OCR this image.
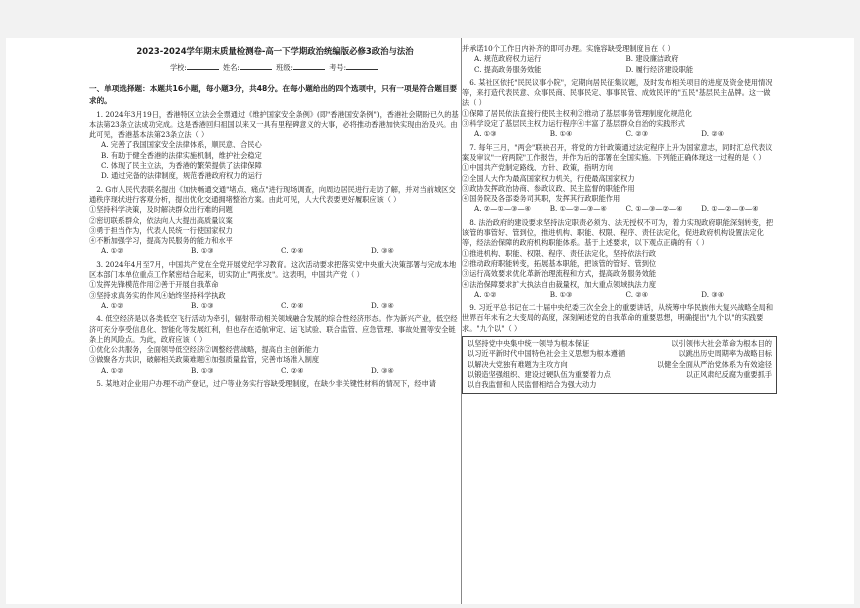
2023-2024学年期末质量检测卷-高一下学期政治统编版必修3政治与法治
学校:	姓名:	班级:	考号:
一、单项选择题：本题共16小题，每小题3分，共48分。在每小题给出的四个选项中，只有一项是符合题目要求的。

1. 2024年3月19日，香港特区立法会全票通过《维护国家安全条例》(即"香港国安条例")，香港社会期盼已久的基本法第23条立法成功完成。这是香港回归祖国以来又一具有里程碑意义的大事，必将推动香港加快实现由治及兴。由此可见，香港基本法第23条立法（ ）

A. 完善了我国国家安全法律体系，顺民意、合民心

B. 有助于健全香港的法律实施机制，维护社会稳定

C. 体现了民主立法，为香港的繁荣提供了法律保障

D. 通过完备的法律制度，规范香港政府权力的运行

2. G市人民代表联名提出《加快畅通交通"堵点、痛点"进行现场调查，向周边居民进行走访了解，并对当前城区交通秩序现状进行客观分析，提出优化交通拥堵整治方案。由此可见，人大代表要更好履职应该（ ）

①坚持科学决策，及时解决群众出行难的问题

②密切联系群众，依法向人大提出高质量议案

③勇于担当作为，代表人民统一行使国家权力

④不断加强学习，提高为民服务的能力和水平

A. ①②	B. ①③	C. ②④	D. ③④

3. 2024年4月至7月，中国共产党在全党开展党纪学习教育。这次活动要求把落实党中央重大决策部署与完成本地区本部门本单位重点工作紧密结合起来，切实防止"两张皮"。这表明，中国共产党（ ）

①发挥先锋模范作用②善于开展自我革命

③坚持求真务实的作风④始终坚持科学执政

A. ①②	B. ①③	C. ②④	D. ③④

4. 低空经济是以各类低空飞行活动为牵引，辐射带动相关领域融合发展的综合性经济形态。作为新兴产业，低空经济可充分享受信息化、智能化等发展红利，但也存在适航审定、运飞试验、联合监管、应急管理、事故处置等安全链条上的风险点。为此，政府应该（ ）

①优化公共服务，全面领导低空经济②调整经营战略，提高自主创新能力

③做聚各方共识，破解相关政策难题④加强质量监管，完善市场准入制度

A. ①②	B. ①③	C. ②④	D. ③④

5. 某地对企业用户办理不动产登记，过户等业务实行容缺受理制度，在缺少非关键性材料的情况下，经申请

并承诺10个工作日内补齐的即可办理。实施容缺受理制度旨在（ ）

A. 规范政府权力运行	B. 建设廉洁政府
C. 提高政务服务效能	D. 履行经济建设职能

6. 某社区依托"民民议事小院"，定期向居民征集议题，及时发布相关项目的进度及资金使用情况等，来打造代表民意、众事民商、民事民定、事事民管、成效民评的"五民"基层民主品牌。这一做法（ ）

①保障了居民依法直接行使民主权利②推动了基层事务管理制度化规范化

③科学设定了基层民主权力运行程序④丰富了基层群众自治的实践形式

A. ①③	B. ①④	C. ②③	D. ②④

7. 每年三月，"两会"联袂召开，将党的方针政策通过法定程序上升为国家意志，同时汇总代表议案及审议"一府两院"工作报告，并作为后的部署在全国实施。下列能正确体现这一过程的是（ ）

①中国共产党制定路线、方针、政策，指明方向

②全国人大作为最高国家权力机关，行使最高国家权力

③政协发挥政治协商、参政议政、民主监督的职能作用

④国务院及各部委务司其职，发挥其行政职能作用

A. ②—①—③—④	B. ①—②—③—④	C. ①—③—②—④	D. ①—②—③—④

8. 法治政府的建设要求坚持法定职责必须为、法无授权不可为，着力实现政府职能深刻转变，把该管的事管好、管到位，推进机构、职能、权限、程序、责任法定化，促进政府机构设置法定化等，经法治保障的政府机构职能体系。基于上述要求，以下观点正确的有（ ）

①推进机构、职能、权限、程序、责任法定化，坚持依法行政

②推动政府职能转变，拓展基本职能，把该管的管好、管到位

③运行高效要求优化革新治理流程和方式，提高政务服务效能

④法治保障要求扩大执法自由裁量权，加大重点领域执法力度

A. ①②	B. ①③	C. ②④	D. ③④

9. 习近平总书记在二十届中央纪委三次全会上的重要讲话，从统筹中华民族伟大复兴战略全局和世界百年未有之大变局的高度，深刻阐述党的自我革命的重要思想，明确提出"九个以"的实践要求。"九个以"（ ）

以坚持党中央集中统一领导为根本保证	以引领伟大社会革命为根本目的
以习近平新时代中国特色社会主义思想为根本遵循	以跳出历史周期率为战略目标
以解决大党独有难题为主攻方向	以健全全面从严治党体系为有效途径
以锻造坚强组织、建设过硬队伍为重要着力点	以正风肃纪反腐为重要抓手
以自我监督和人民监督相结合为强大动力
